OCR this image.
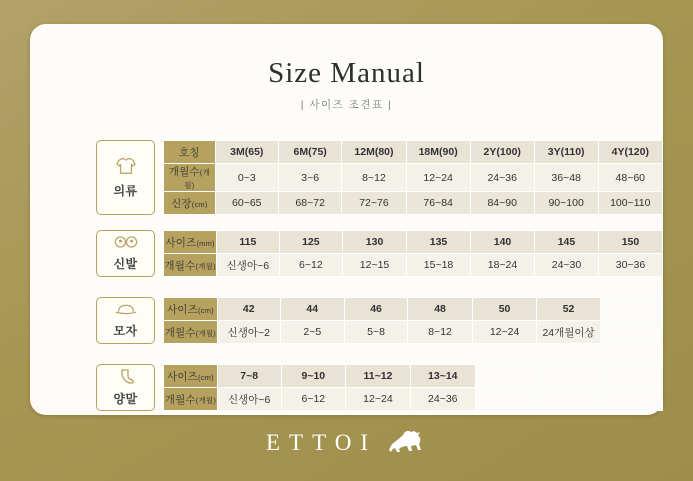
Size Manual
| 사이즈 조견표 |
의류
호칭	3M(65)	6M(75)	12M(80)	18M(90)	2Y(100)	3Y(110)	4Y(120)
개월수(개월)	0~3	3~6	8~12	12~24	24~36	36~48	48~60
신장(cm)	60~65	68~72	72~76	76~84	84~90	90~100	100~110
신발
사이즈(mm)	115	125	130	135	140	145	150
개월수(개월)	신생아~6	6~12	12~15	15~18	18~24	24~30	30~36
모자
사이즈(cm)	42	44	46	48	50	52	
개월수(개월)	신생아~2	2~5	5~8	8~12	12~24	24개월이상	
양말
사이즈(cm)	7~8	9~10	11~12	13~14			
개월수(개월)	신생아~6	6~12	12~24	24~36			
ETTOI
